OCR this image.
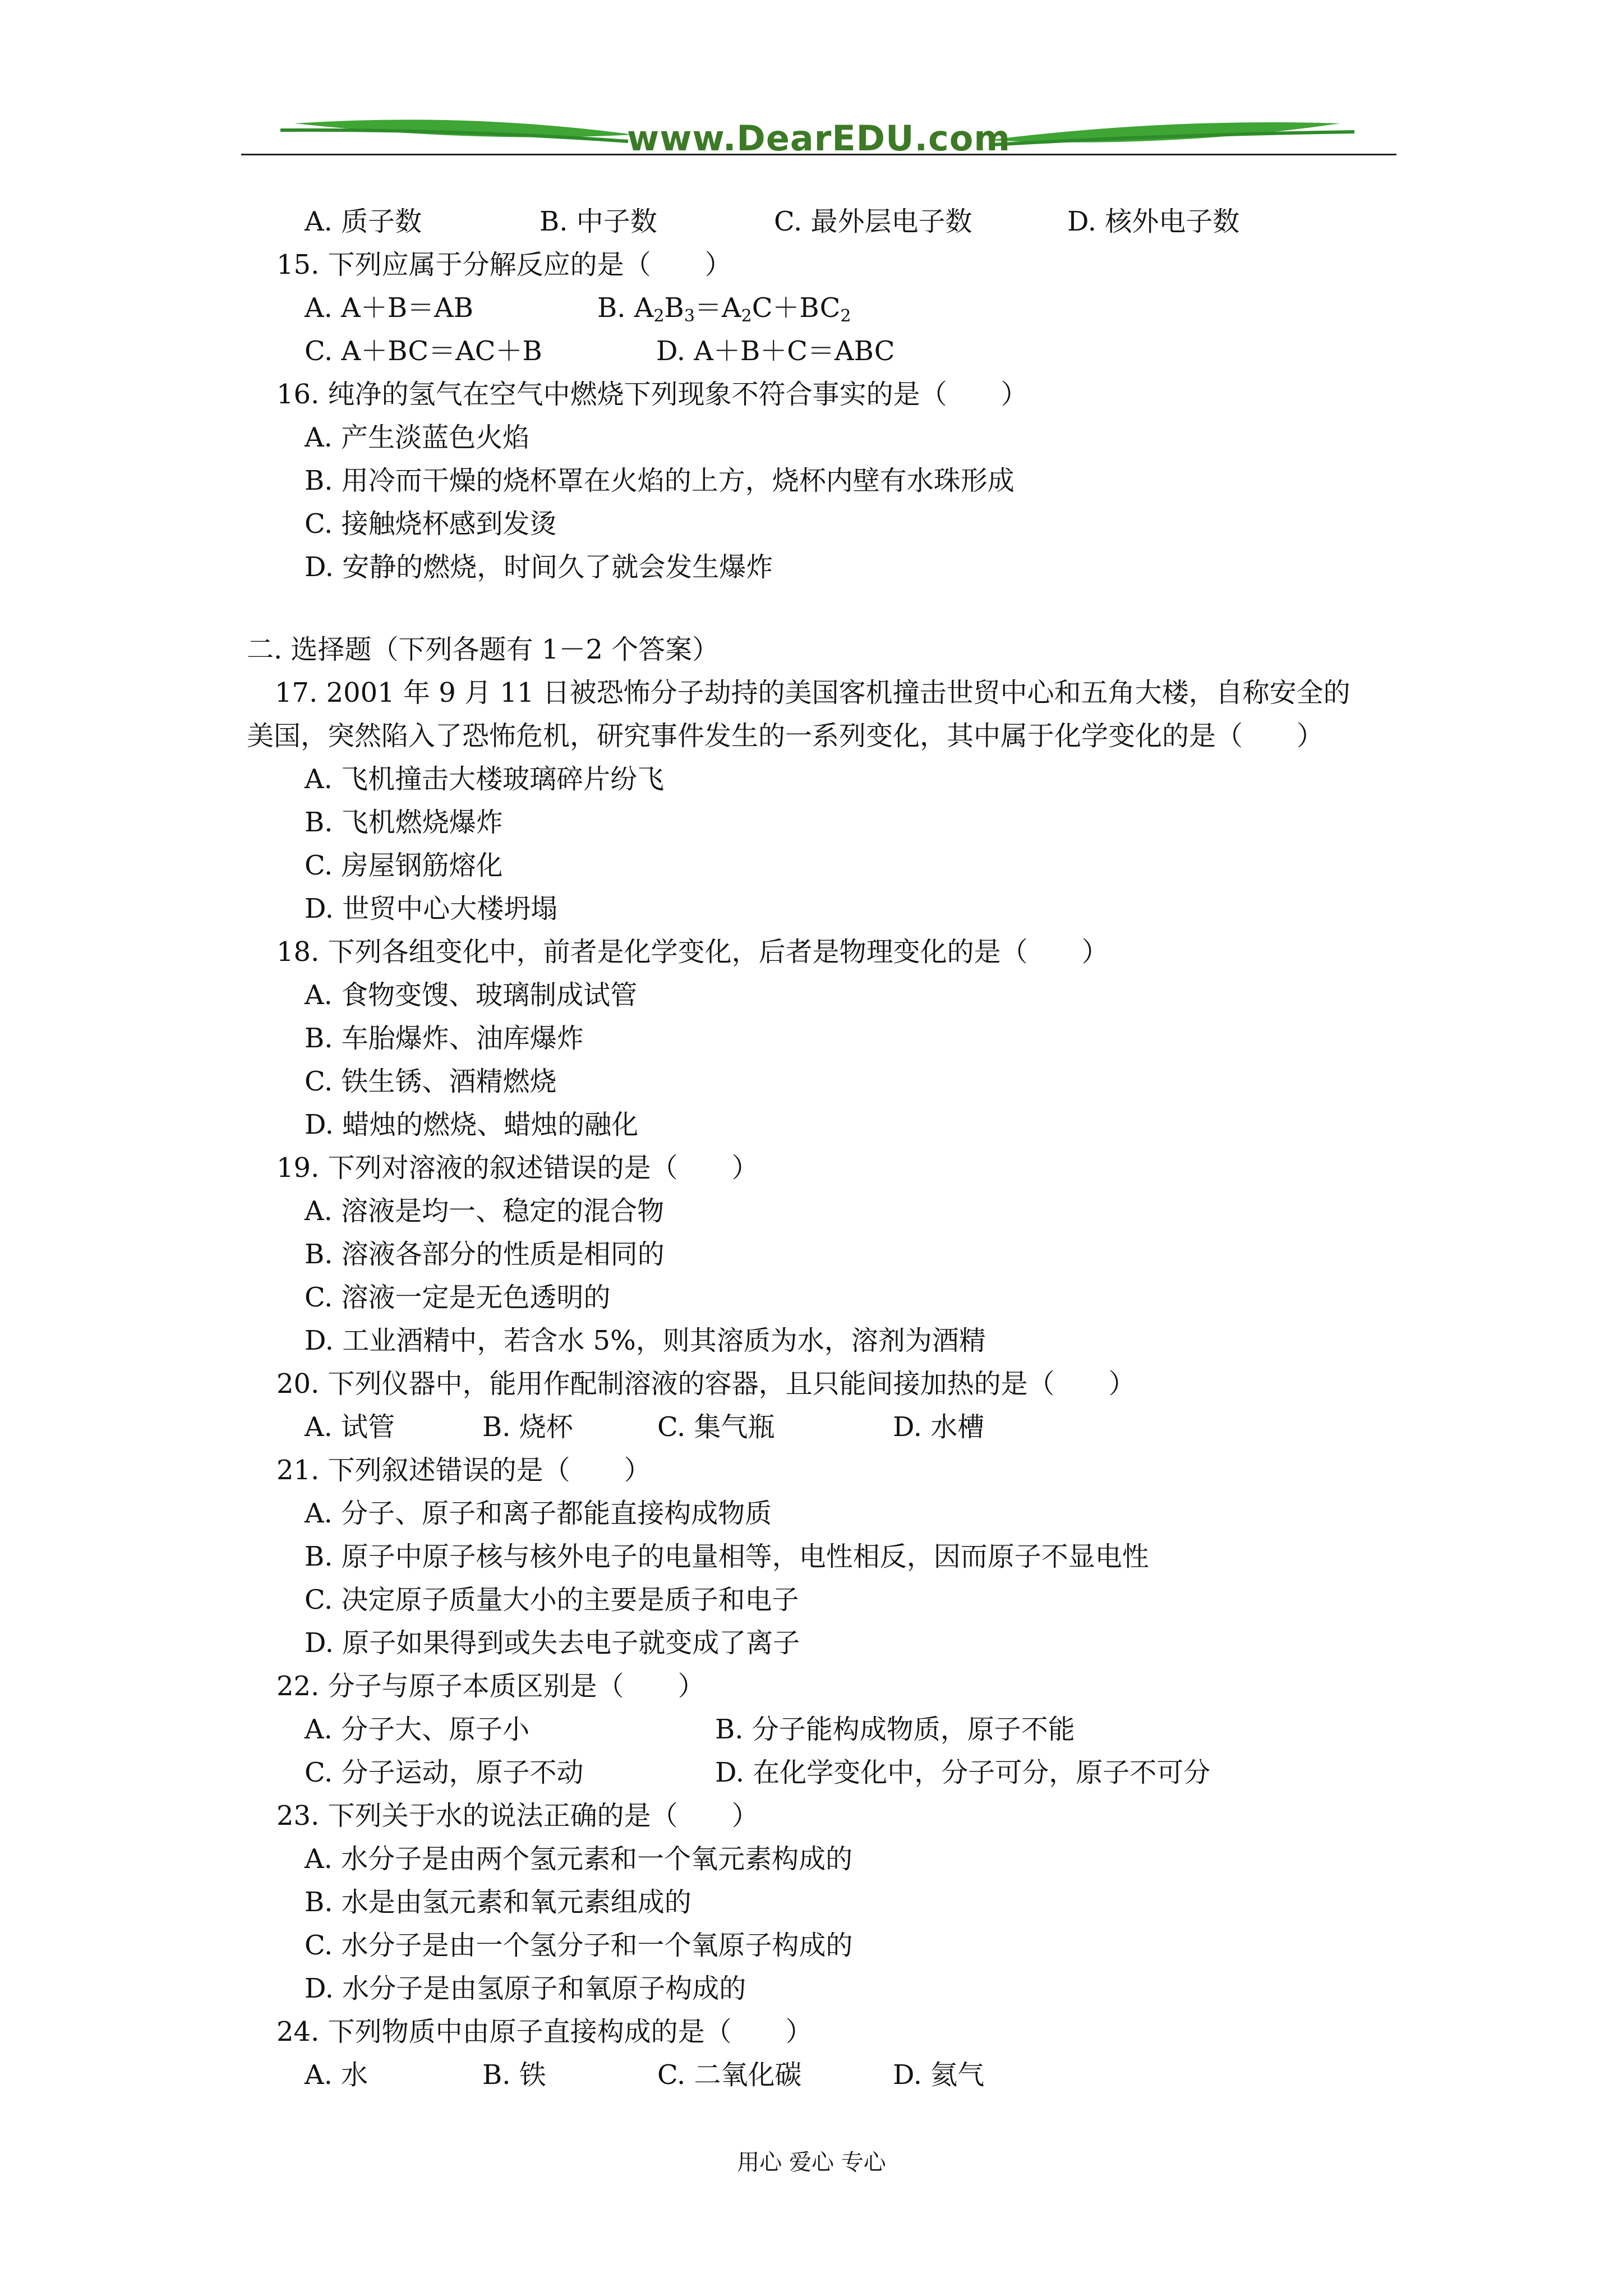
www.DearEDU.com
A. 质子数	B. 中子数	C. 最外层电子数	D. 核外电子数
15. 下列应属于分解反应的是（　　）
A. A＋B＝AB	B. $A_2B_3=A_2C+BC_2$
C. A＋BC＝AC＋B	D. A＋B＋C＝ABC
16. 纯净的氢气在空气中燃烧下列现象不符合事实的是（　　）
A. 产生淡蓝色火焰
B. 用冷而干燥的烧杯罩在火焰的上方，烧杯内壁有水珠形成
C. 接触烧杯感到发烫
D. 安静的燃烧，时间久了就会发生爆炸
二. 选择题（下列各题有 1－2 个答案）
17. 2001 年 9 月 11 日被恐怖分子劫持的美国客机撞击世贸中心和五角大楼，自称安全的
美国，突然陷入了恐怖危机，研究事件发生的一系列变化，其中属于化学变化的是（　　）
A. 飞机撞击大楼玻璃碎片纷飞
B. 飞机燃烧爆炸
C. 房屋钢筋熔化
D. 世贸中心大楼坍塌
18. 下列各组变化中，前者是化学变化，后者是物理变化的是（　　）
A. 食物变馊、玻璃制成试管
B. 车胎爆炸、油库爆炸
C. 铁生锈、酒精燃烧
D. 蜡烛的燃烧、蜡烛的融化
19. 下列对溶液的叙述错误的是（　　）
A. 溶液是均一、稳定的混合物
B. 溶液各部分的性质是相同的
C. 溶液一定是无色透明的
D. 工业酒精中，若含水 5%，则其溶质为水，溶剂为酒精
20. 下列仪器中，能用作配制溶液的容器，且只能间接加热的是（　　）
A. 试管	B. 烧杯	C. 集气瓶	D. 水槽
21. 下列叙述错误的是（　　）
A. 分子、原子和离子都能直接构成物质
B. 原子中原子核与核外电子的电量相等，电性相反，因而原子不显电性
C. 决定原子质量大小的主要是质子和电子
D. 原子如果得到或失去电子就变成了离子
22. 分子与原子本质区别是（　　）
A. 分子大、原子小	B. 分子能构成物质，原子不能
C. 分子运动，原子不动	D. 在化学变化中，分子可分，原子不可分
23. 下列关于水的说法正确的是（　　）
A. 水分子是由两个氢元素和一个氧元素构成的
B. 水是由氢元素和氧元素组成的
C. 水分子是由一个氢分子和一个氧原子构成的
D. 水分子是由氢原子和氧原子构成的
24. 下列物质中由原子直接构成的是（　　）
A. 水	B. 铁	C. 二氧化碳	D. 氦气
用心 爱心 专心
